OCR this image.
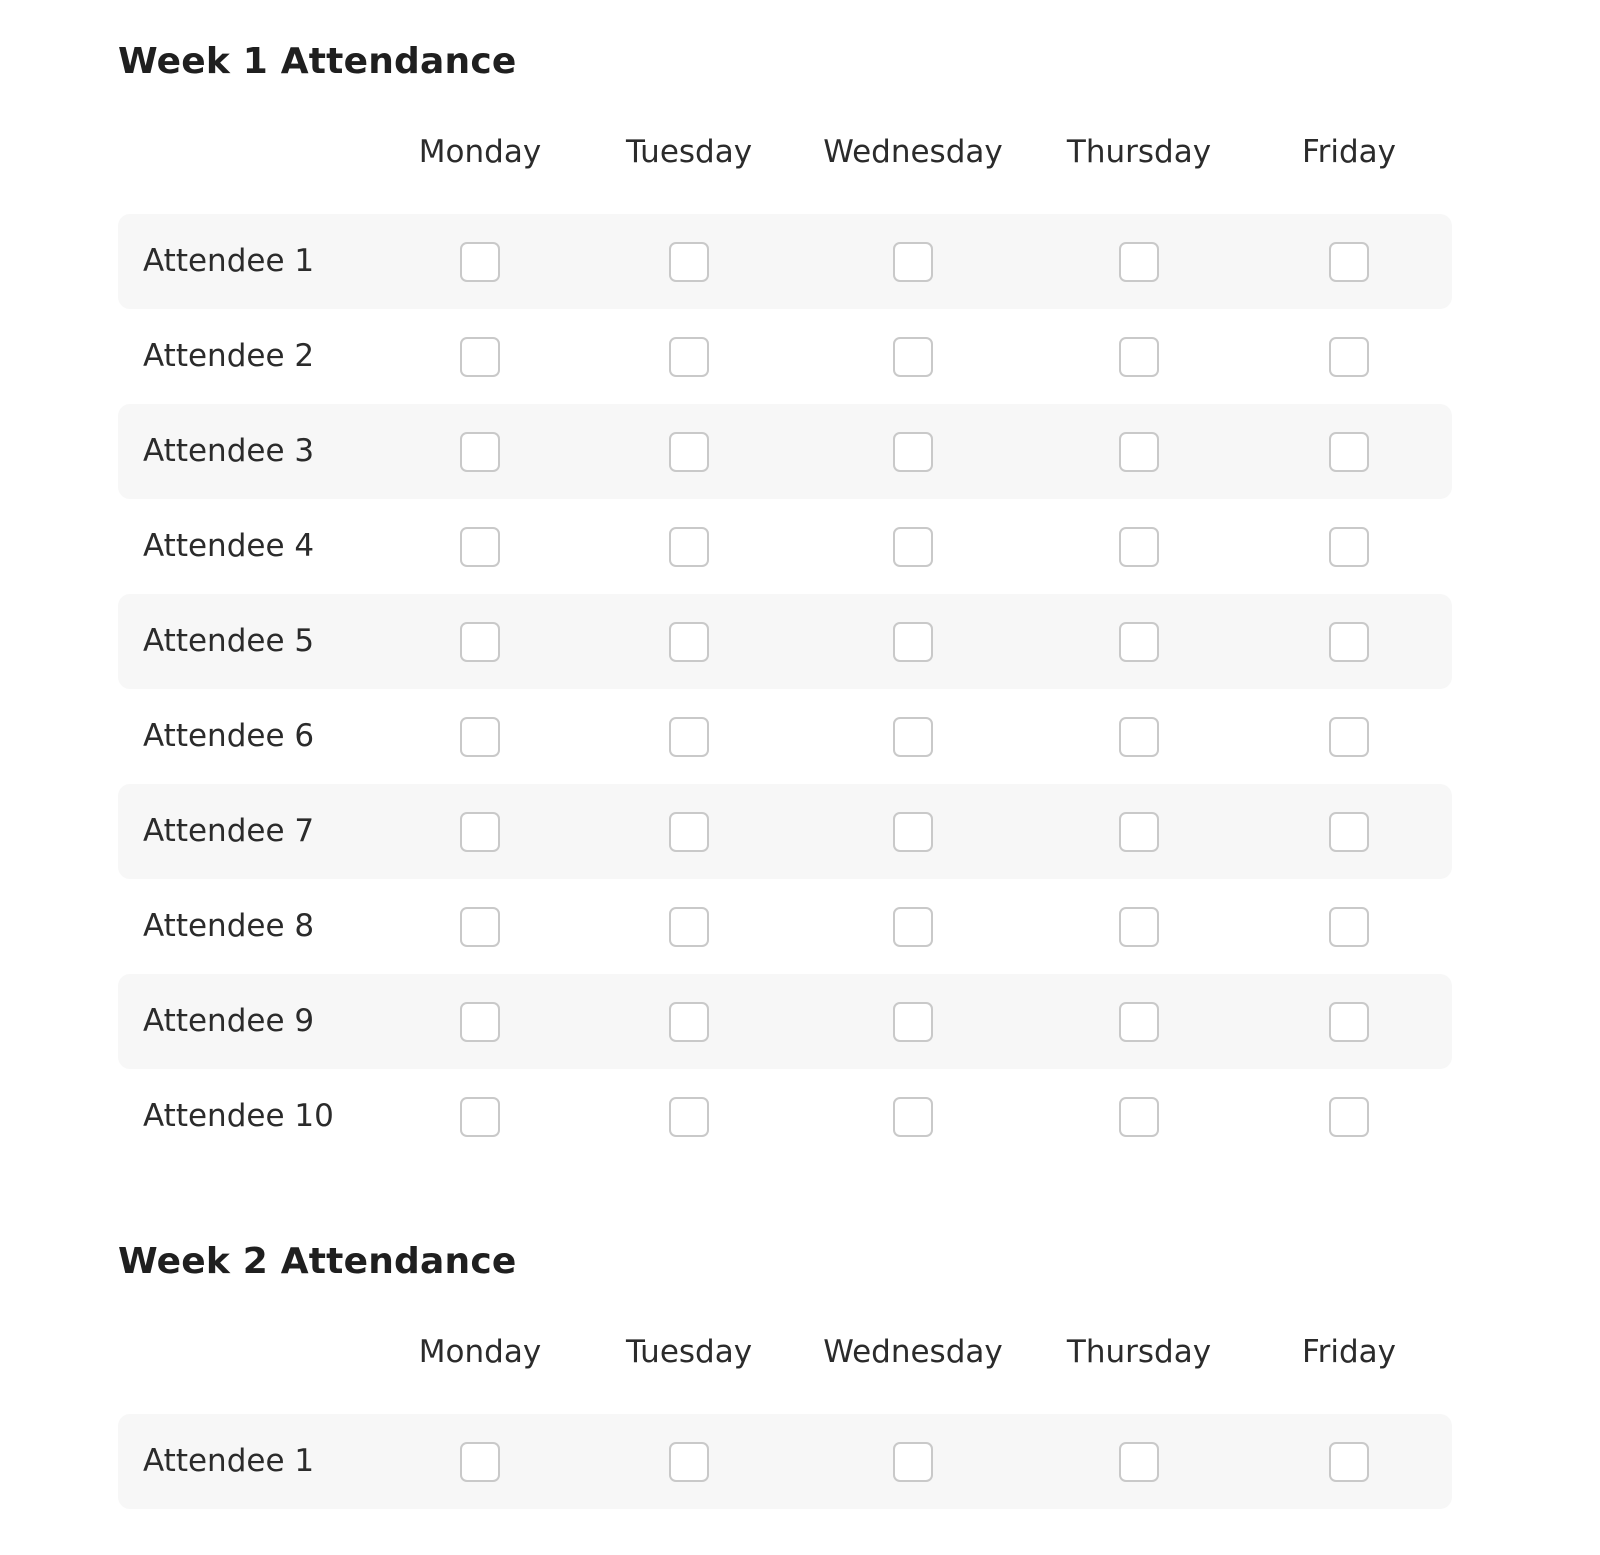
Week 1 Attendance
Monday	Tuesday	Wednesday	Thursday	Friday
Attendee 1
Attendee 2
Attendee 3
Attendee 4
Attendee 5
Attendee 6
Attendee 7
Attendee 8
Attendee 9
Attendee 10
Week 2 Attendance
Monday	Tuesday	Wednesday	Thursday	Friday
Attendee 1
